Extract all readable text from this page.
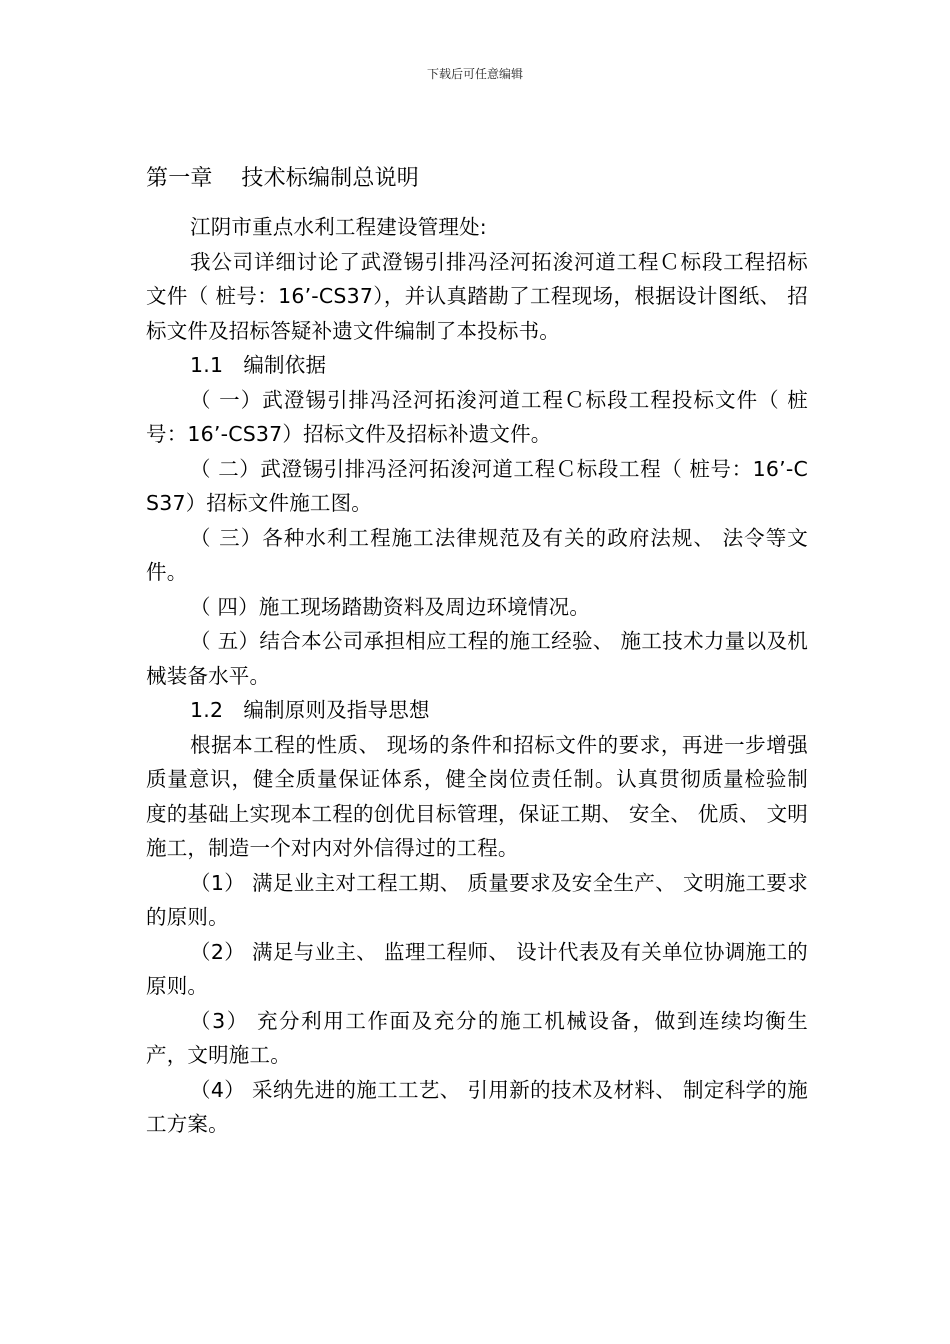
下载后可任意编辑
第一章    技术标编制总说明

江阴市重点水利工程建设管理处:

我公司详细讨论了武澄锡引排冯泾河拓浚河道工程Ｃ标段工程招标文件（ 桩号：16’-CS37），并认真踏勘了工程现场，根据设计图纸、 招标文件及招标答疑补遗文件编制了本投标书。

1.1   编制依据

（ 一）武澄锡引排冯泾河拓浚河道工程Ｃ标段工程投标文件（ 桩号：16’-CS37）招标文件及招标补遗文件。

（ 二）武澄锡引排冯泾河拓浚河道工程Ｃ标段工程（ 桩号：16’-CS37）招标文件施工图。

（ 三）各种水利工程施工法律规范及有关的政府法规、 法令等文件。

（ 四）施工现场踏勘资料及周边环境情况。

（ 五）结合本公司承担相应工程的施工经验、 施工技术力量以及机械装备水平。

1.2   编制原则及指导思想

根据本工程的性质、 现场的条件和招标文件的要求，再进一步增强质量意识，健全质量保证体系，健全岗位责任制。认真贯彻质量检验制度的基础上实现本工程的创优目标管理，保证工期、 安全、 优质、 文明施工，制造一个对内对外信得过的工程。

（1） 满足业主对工程工期、 质量要求及安全生产、 文明施工要求的原则。

（2） 满足与业主、 监理工程师、 设计代表及有关单位协调施工的原则。

（3） 充分利用工作面及充分的施工机械设备，做到连续均衡生产，文明施工。

（4） 采纳先进的施工工艺、 引用新的技术及材料、 制定科学的施工方案。
